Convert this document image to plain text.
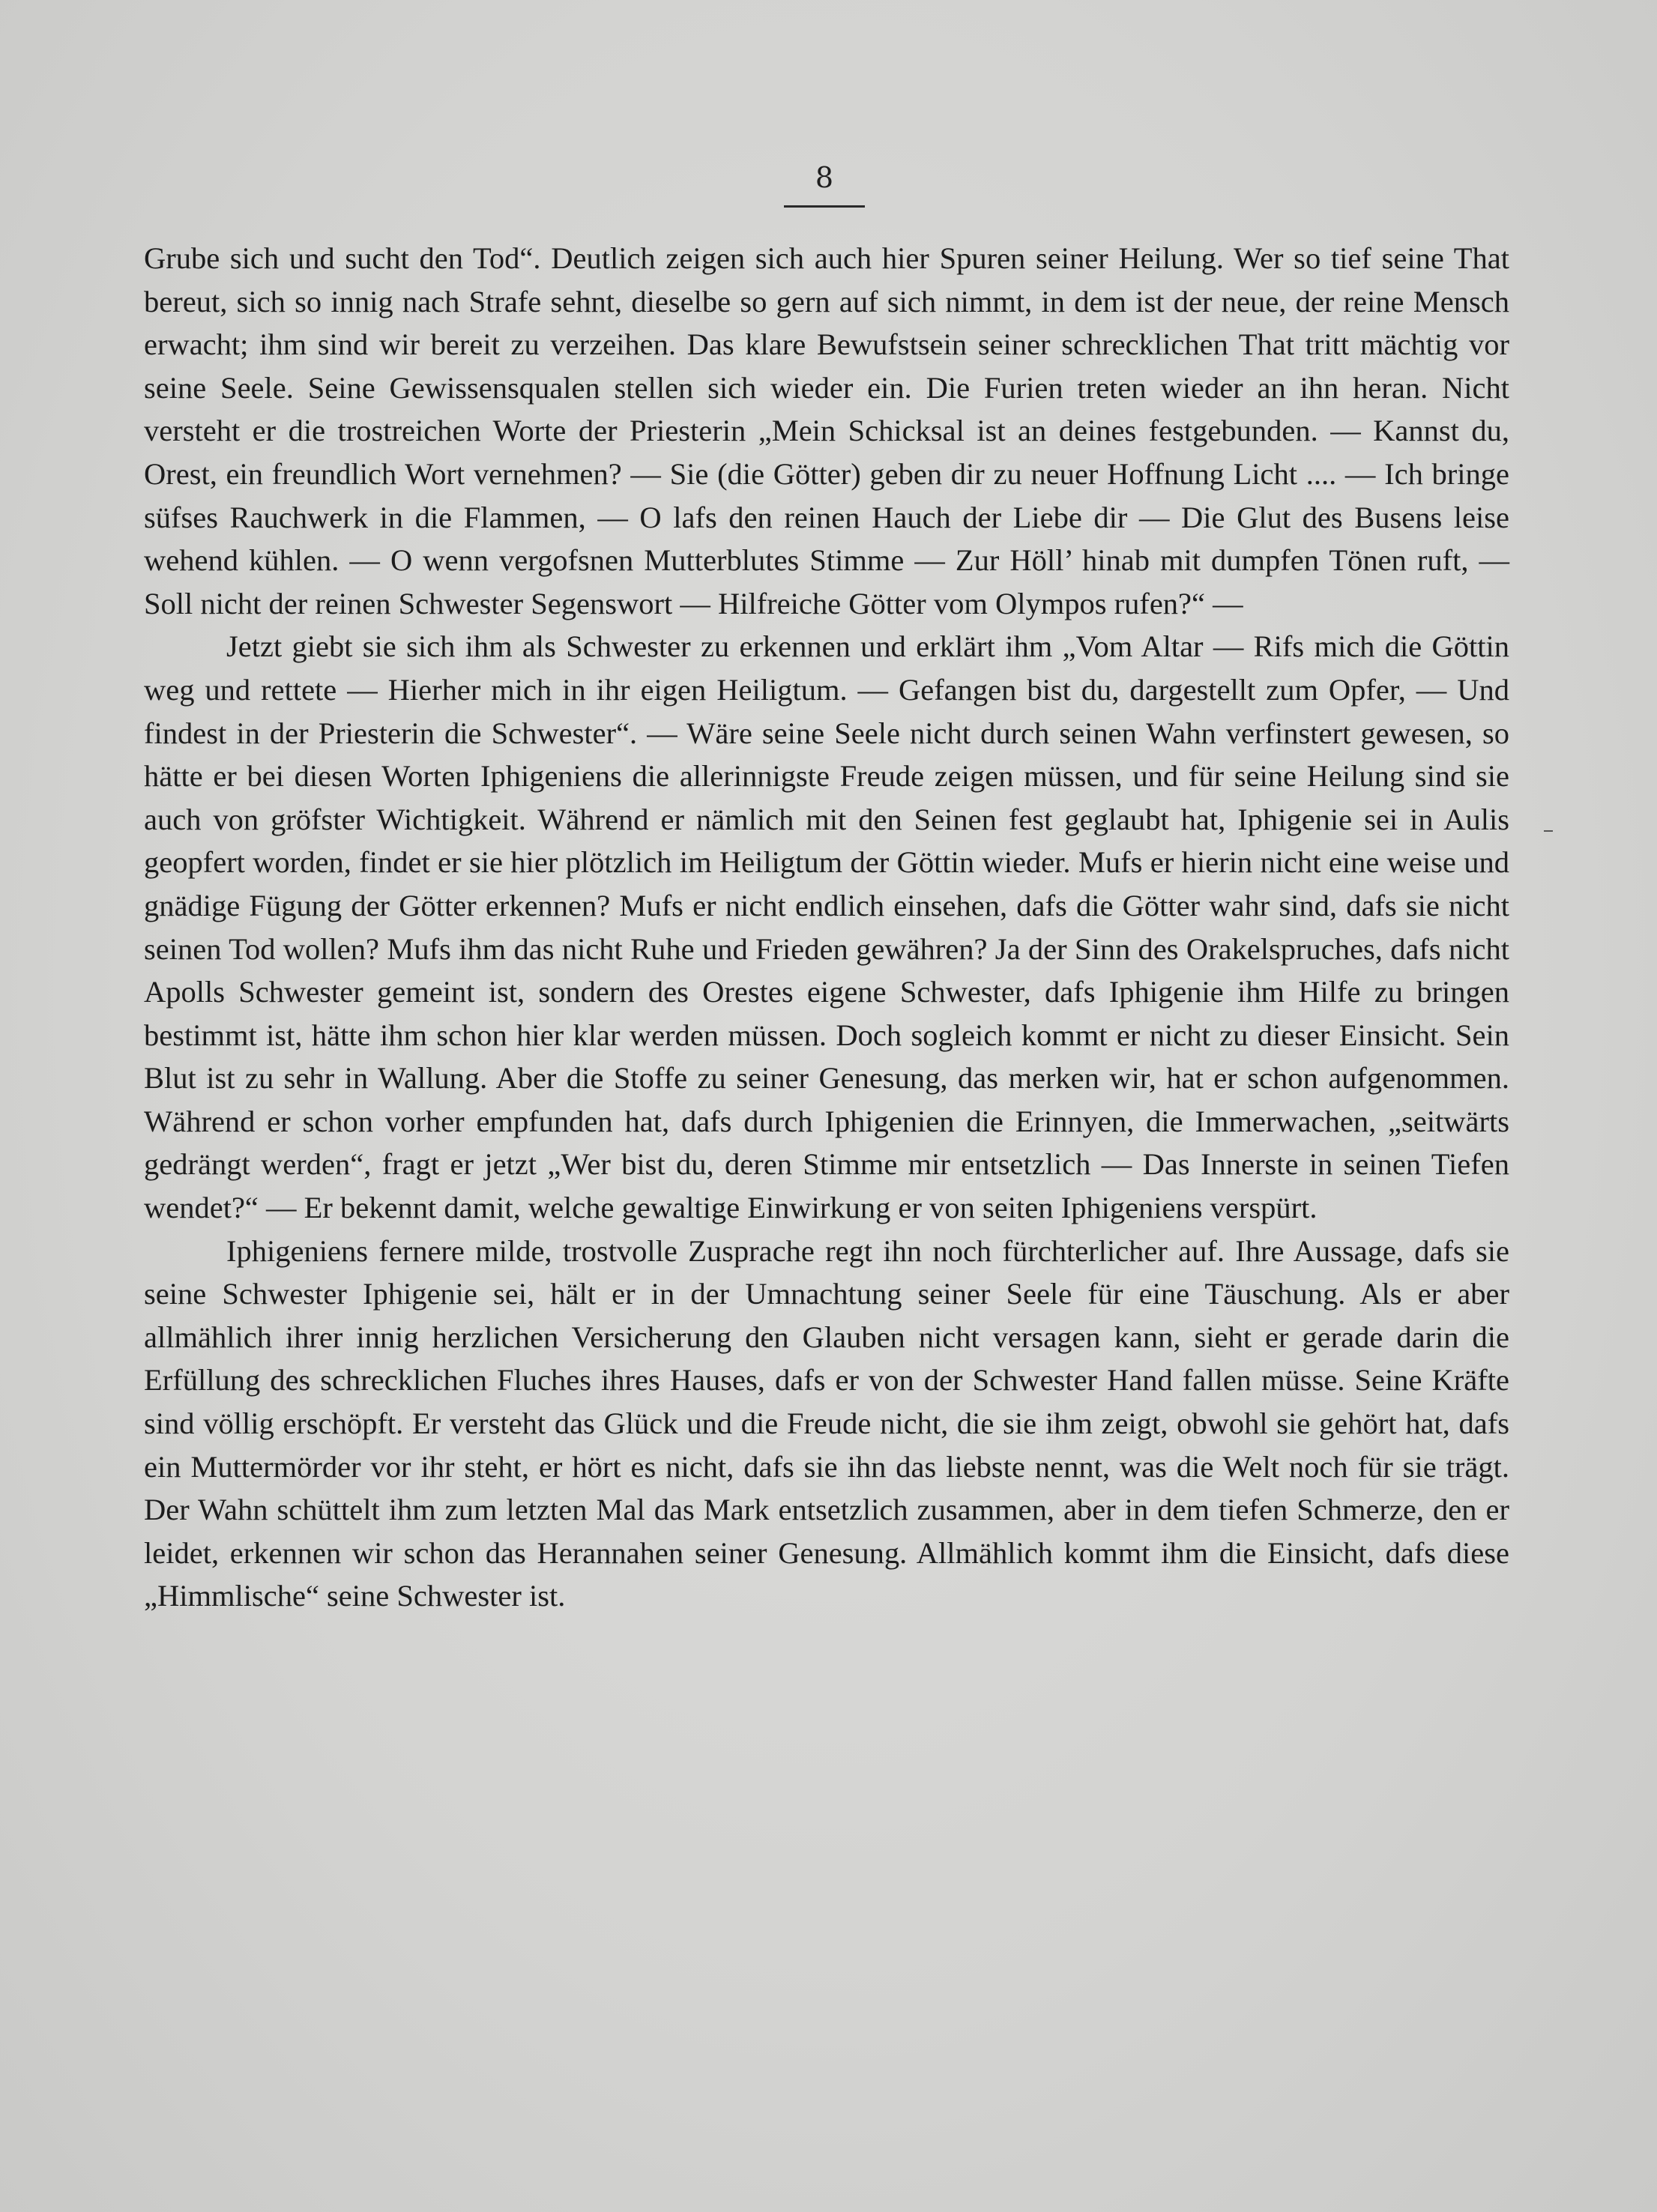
8

Grube sich und sucht den Tod“. Deutlich zeigen sich auch hier Spuren seiner Heilung. Wer so tief seine That bereut, sich so innig nach Strafe sehnt, dieselbe so gern auf sich nimmt, in dem ist der neue, der reine Mensch erwacht; ihm sind wir bereit zu verzeihen. Das klare Bewufstsein seiner schrecklichen That tritt mächtig vor seine Seele. Seine Gewissensqualen stellen sich wieder ein. Die Furien treten wieder an ihn heran. Nicht versteht er die trostreichen Worte der Priesterin „Mein Schicksal ist an deines festgebunden. — Kannst du, Orest, ein freundlich Wort vernehmen? — Sie (die Götter) geben dir zu neuer Hoffnung Licht .... — Ich bringe süfses Rauchwerk in die Flammen, — O lafs den reinen Hauch der Liebe dir — Die Glut des Busens leise wehend kühlen. — O wenn vergofsnen Mutterblutes Stimme — Zur Höll’ hinab mit dumpfen Tönen ruft, — Soll nicht der reinen Schwester Segenswort — Hilfreiche Götter vom Olympos rufen?“ —

Jetzt giebt sie sich ihm als Schwester zu erkennen und erklärt ihm „Vom Altar — Rifs mich die Göttin weg und rettete — Hierher mich in ihr eigen Heiligtum. — Gefangen bist du, dargestellt zum Opfer, — Und findest in der Priesterin die Schwester“. — Wäre seine Seele nicht durch seinen Wahn verfinstert gewesen, so hätte er bei diesen Worten Iphigeniens die allerinnigste Freude zeigen müssen, und für seine Heilung sind sie auch von gröfster Wichtigkeit. Während er nämlich mit den Seinen fest geglaubt hat, Iphigenie sei in Aulis geopfert worden, findet er sie hier plötzlich im Heiligtum der Göttin wieder. Mufs er hierin nicht eine weise und gnädige Fügung der Götter erkennen? Mufs er nicht endlich einsehen, dafs die Götter wahr sind, dafs sie nicht seinen Tod wollen? Mufs ihm das nicht Ruhe und Frieden gewähren? Ja der Sinn des Orakelspruches, dafs nicht Apolls Schwester gemeint ist, sondern des Orestes eigene Schwester, dafs Iphigenie ihm Hilfe zu bringen bestimmt ist, hätte ihm schon hier klar werden müssen. Doch sogleich kommt er nicht zu dieser Einsicht. Sein Blut ist zu sehr in Wallung. Aber die Stoffe zu seiner Genesung, das merken wir, hat er schon aufgenommen. Während er schon vorher empfunden hat, dafs durch Iphigenien die Erinnyen, die Immerwachen, „seitwärts gedrängt werden“, fragt er jetzt „Wer bist du, deren Stimme mir entsetzlich — Das Innerste in seinen Tiefen wendet?“ — Er bekennt damit, welche gewaltige Einwirkung er von seiten Iphigeniens verspürt.

Iphigeniens fernere milde, trostvolle Zusprache regt ihn noch fürchterlicher auf. Ihre Aussage, dafs sie seine Schwester Iphigenie sei, hält er in der Umnachtung seiner Seele für eine Täuschung. Als er aber allmählich ihrer innig herzlichen Versicherung den Glauben nicht versagen kann, sieht er gerade darin die Erfüllung des schrecklichen Fluches ihres Hauses, dafs er von der Schwester Hand fallen müsse. Seine Kräfte sind völlig erschöpft. Er versteht das Glück und die Freude nicht, die sie ihm zeigt, obwohl sie gehört hat, dafs ein Muttermörder vor ihr steht, er hört es nicht, dafs sie ihn das liebste nennt, was die Welt noch für sie trägt. Der Wahn schüttelt ihm zum letzten Mal das Mark entsetzlich zusammen, aber in dem tiefen Schmerze, den er leidet, erkennen wir schon das Herannahen seiner Genesung. Allmählich kommt ihm die Einsicht, dafs diese „Himmlische“ seine Schwester ist.
